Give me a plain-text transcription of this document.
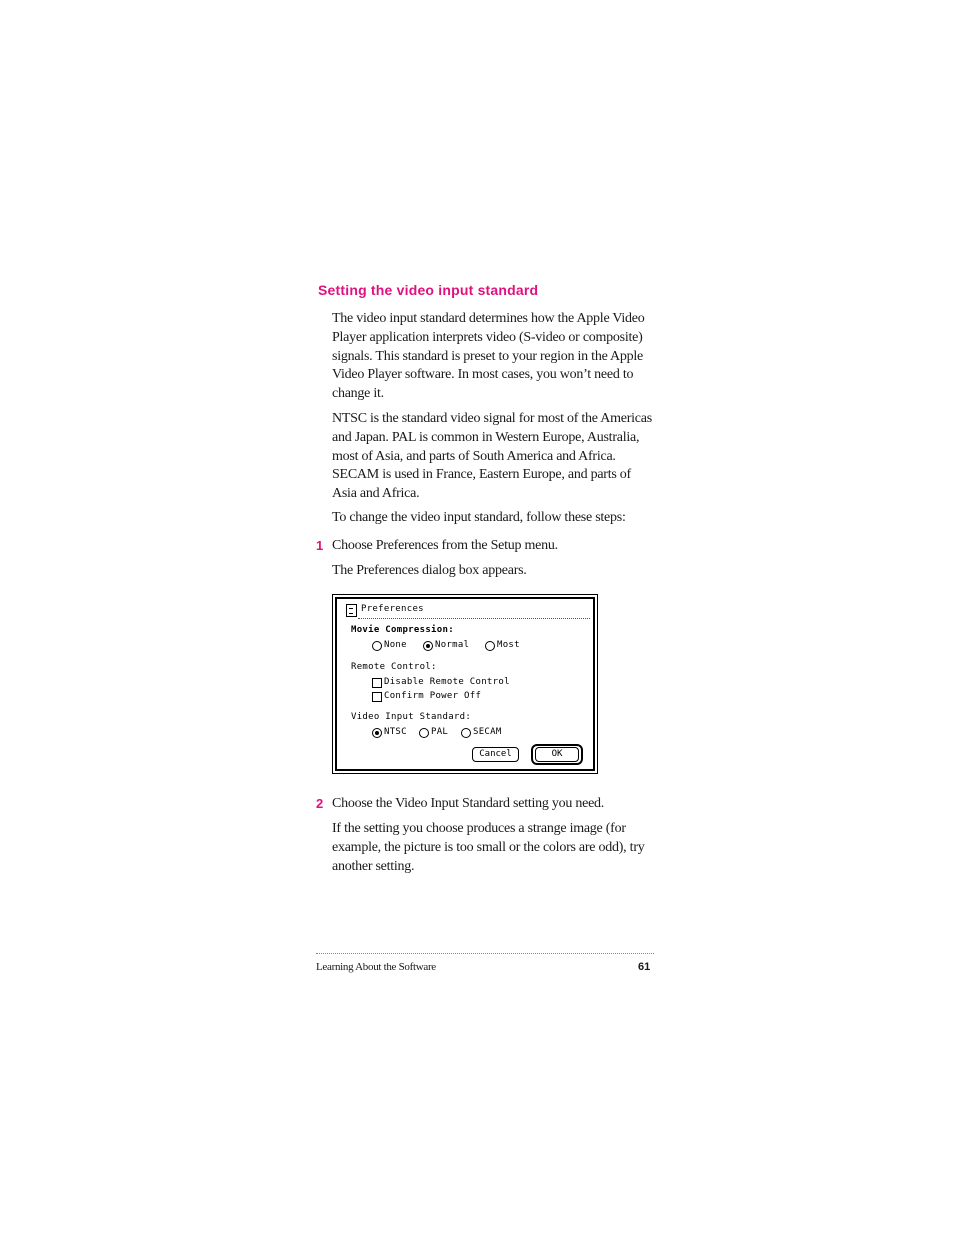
Setting the video input standard
The video input standard determines how the Apple Video Player application interprets video (S-video or composite) signals. This standard is preset to your region in the Apple Video Player software. In most cases, you won’t need to change it.
NTSC is the standard video signal for most of the Americas and Japan. PAL is common in Western Europe, Australia, most of Asia, and parts of South America and Africa. SECAM is used in France, Eastern Europe, and parts of Asia and Africa.
To change the video input standard, follow these steps:
1 Choose Preferences from the Setup menu.
The Preferences dialog box appears.
Preferences
Movie Compression:
None	Normal	Most
Remote Control:
Disable Remote Control
Confirm Power Off
Video Input Standard:
NTSC	PAL	SECAM
Cancel	OK
2 Choose the Video Input Standard setting you need.
If the setting you choose produces a strange image (for example, the picture is too small or the colors are odd), try another setting.
Learning About the Software	61
